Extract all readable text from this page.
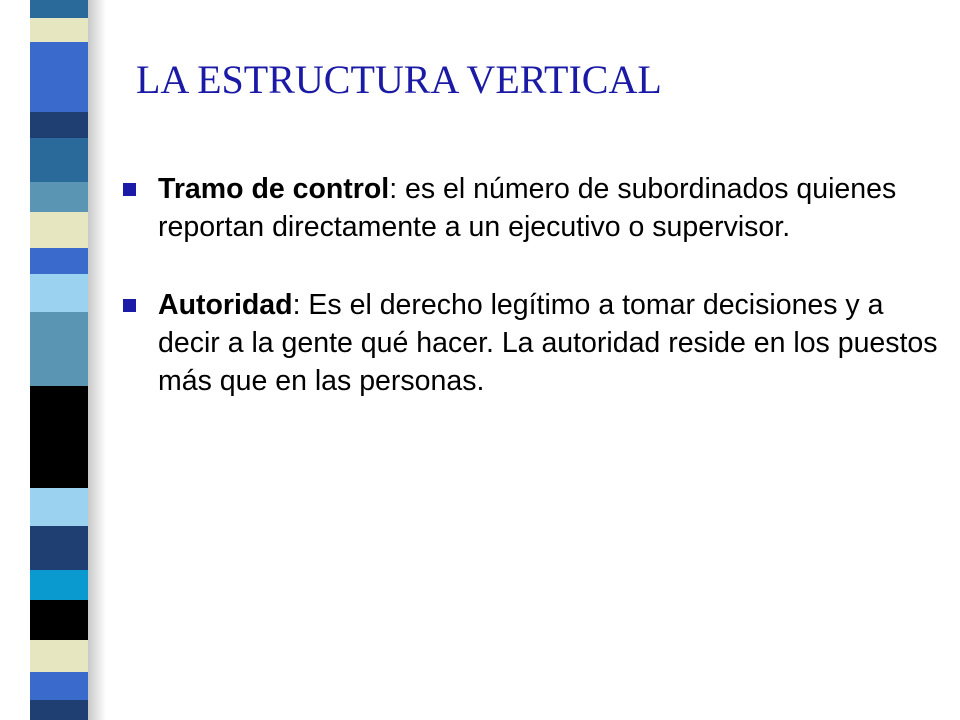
LA ESTRUCTURA VERTICAL
Tramo de control: es el número de subordinados quienes reportan directamente a un ejecutivo o supervisor.
Autoridad: Es el derecho legítimo a tomar decisiones y a decir a la gente qué hacer. La autoridad reside en los puestos más que en las personas.
